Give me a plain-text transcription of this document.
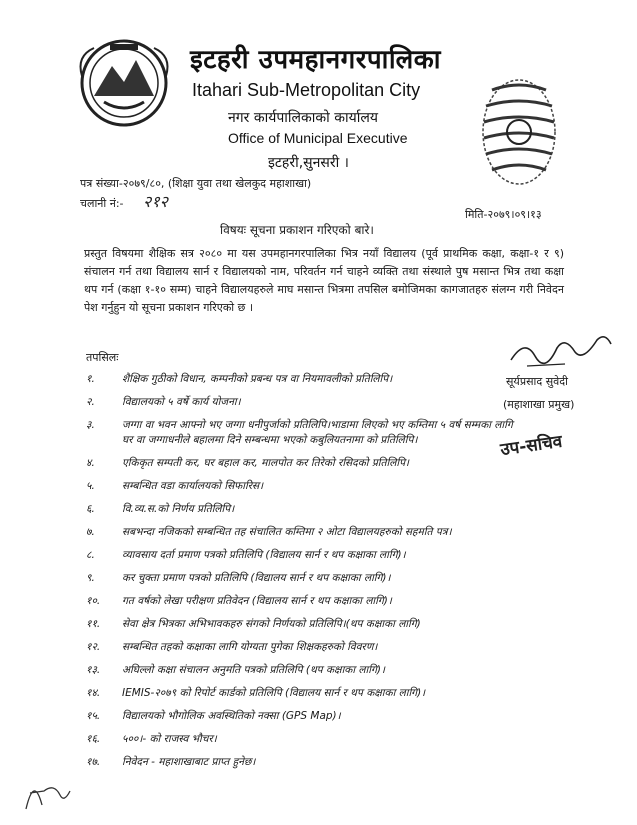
इटहरी उपमहानगरपालिका
Itahari Sub-Metropolitan City
नगर कार्यपालिकाको कार्यालय
Office of Municipal Executive
इटहरी,सुनसरी ।
पत्र संख्या-२०७९/८०, (शिक्षा युवा तथा खेलकुद महाशाखा)
चलानी नं:- २१२
मिति-२०७९।०९।१३
विषयः सूचना प्रकाशन गरिएको बारे।
प्रस्तुत विषयमा शैक्षिक सत्र २०८० मा यस उपमहानगरपालिका भित्र नयाँ विद्यालय (पूर्व प्राथमिक कक्षा, कक्षा-१ र ९) संचालन गर्न तथा विद्यालय सार्न र विद्यालयको नाम, परिवर्तन गर्न चाहने व्यक्ति तथा संस्थाले पुष मसान्त भित्र तथा कक्षा थप गर्न (कक्षा १-१० सम्म) चाहने विद्यालयहरुले माघ मसान्त भित्रमा तपसिल बमोजिमका कागजातहरु संलग्न गरी निवेदन पेश गर्नुहुन यो सूचना प्रकाशन गरिएको छ ।
तपसिलः
१.	शैक्षिक गुठीको विधान, कम्पनीको प्रबन्ध पत्र वा नियमावलीको प्रतिलिपि।
२.	विद्यालयको ५ वर्षे कार्य योजना।
३.	जग्गा वा भवन आफ्नो भए जग्गा धनीपुर्जाको प्रतिलिपि।भाडामा लिएको भए कम्तिमा ५ वर्ष सम्मका लागि घर वा जग्गाधनीले बहालमा दिने सम्बन्धमा भएको कबुलियतनामा को प्रतिलिपि।
४.	एकिकृत सम्पती कर, घर बहाल कर, मालपोत कर तिरेको रसिदको प्रतिलिपि।
५.	सम्बन्धित वडा कार्यालयको सिफारिस।
६.	वि.व्य.स.को निर्णय प्रतिलिपि।
७.	सबभन्दा नजिकको सम्बन्धित तह संचालित कम्तिमा २ ओटा विद्यालयहरुको सहमति पत्र।
८.	व्यावसाय दर्ता प्रमाण पत्रको प्रतिलिपि (विद्यालय सार्न र थप कक्षाका लागि)।
९.	कर चुक्ता प्रमाण पत्रको प्रतिलिपि (विद्यालय सार्न र थप कक्षाका लागि)।
१०.	गत वर्षको लेखा परीक्षण प्रतिवेदन (विद्यालय सार्न र थप कक्षाका लागि)।
११.	सेवा क्षेत्र भित्रका अभिभावकहरु संगको निर्णयको प्रतिलिपि।(थप कक्षाका लागि)
१२.	सम्बन्धित तहको कक्षाका लागि योग्यता पुगेका शिक्षकहरुको विवरण।
१३.	अघिल्लो कक्षा संचालन अनुमति पत्रको प्रतिलिपि (थप कक्षाका लागि)।
१४.	IEMIS-२०७९ को रिपोर्ट कार्डको प्रतिलिपि (विद्यालय सार्न र थप कक्षाका लागि)।
१५.	विद्यालयको भौगोलिक अवस्थितिको नक्सा (GPS Map)।
१६.	५००।- को राजस्व भौचर।
१७.	निवेदन - महाशाखाबाट प्राप्त हुनेछ।
सूर्यप्रसाद सुवेदी
(महाशाखा प्रमुख)
उप-सचिव
